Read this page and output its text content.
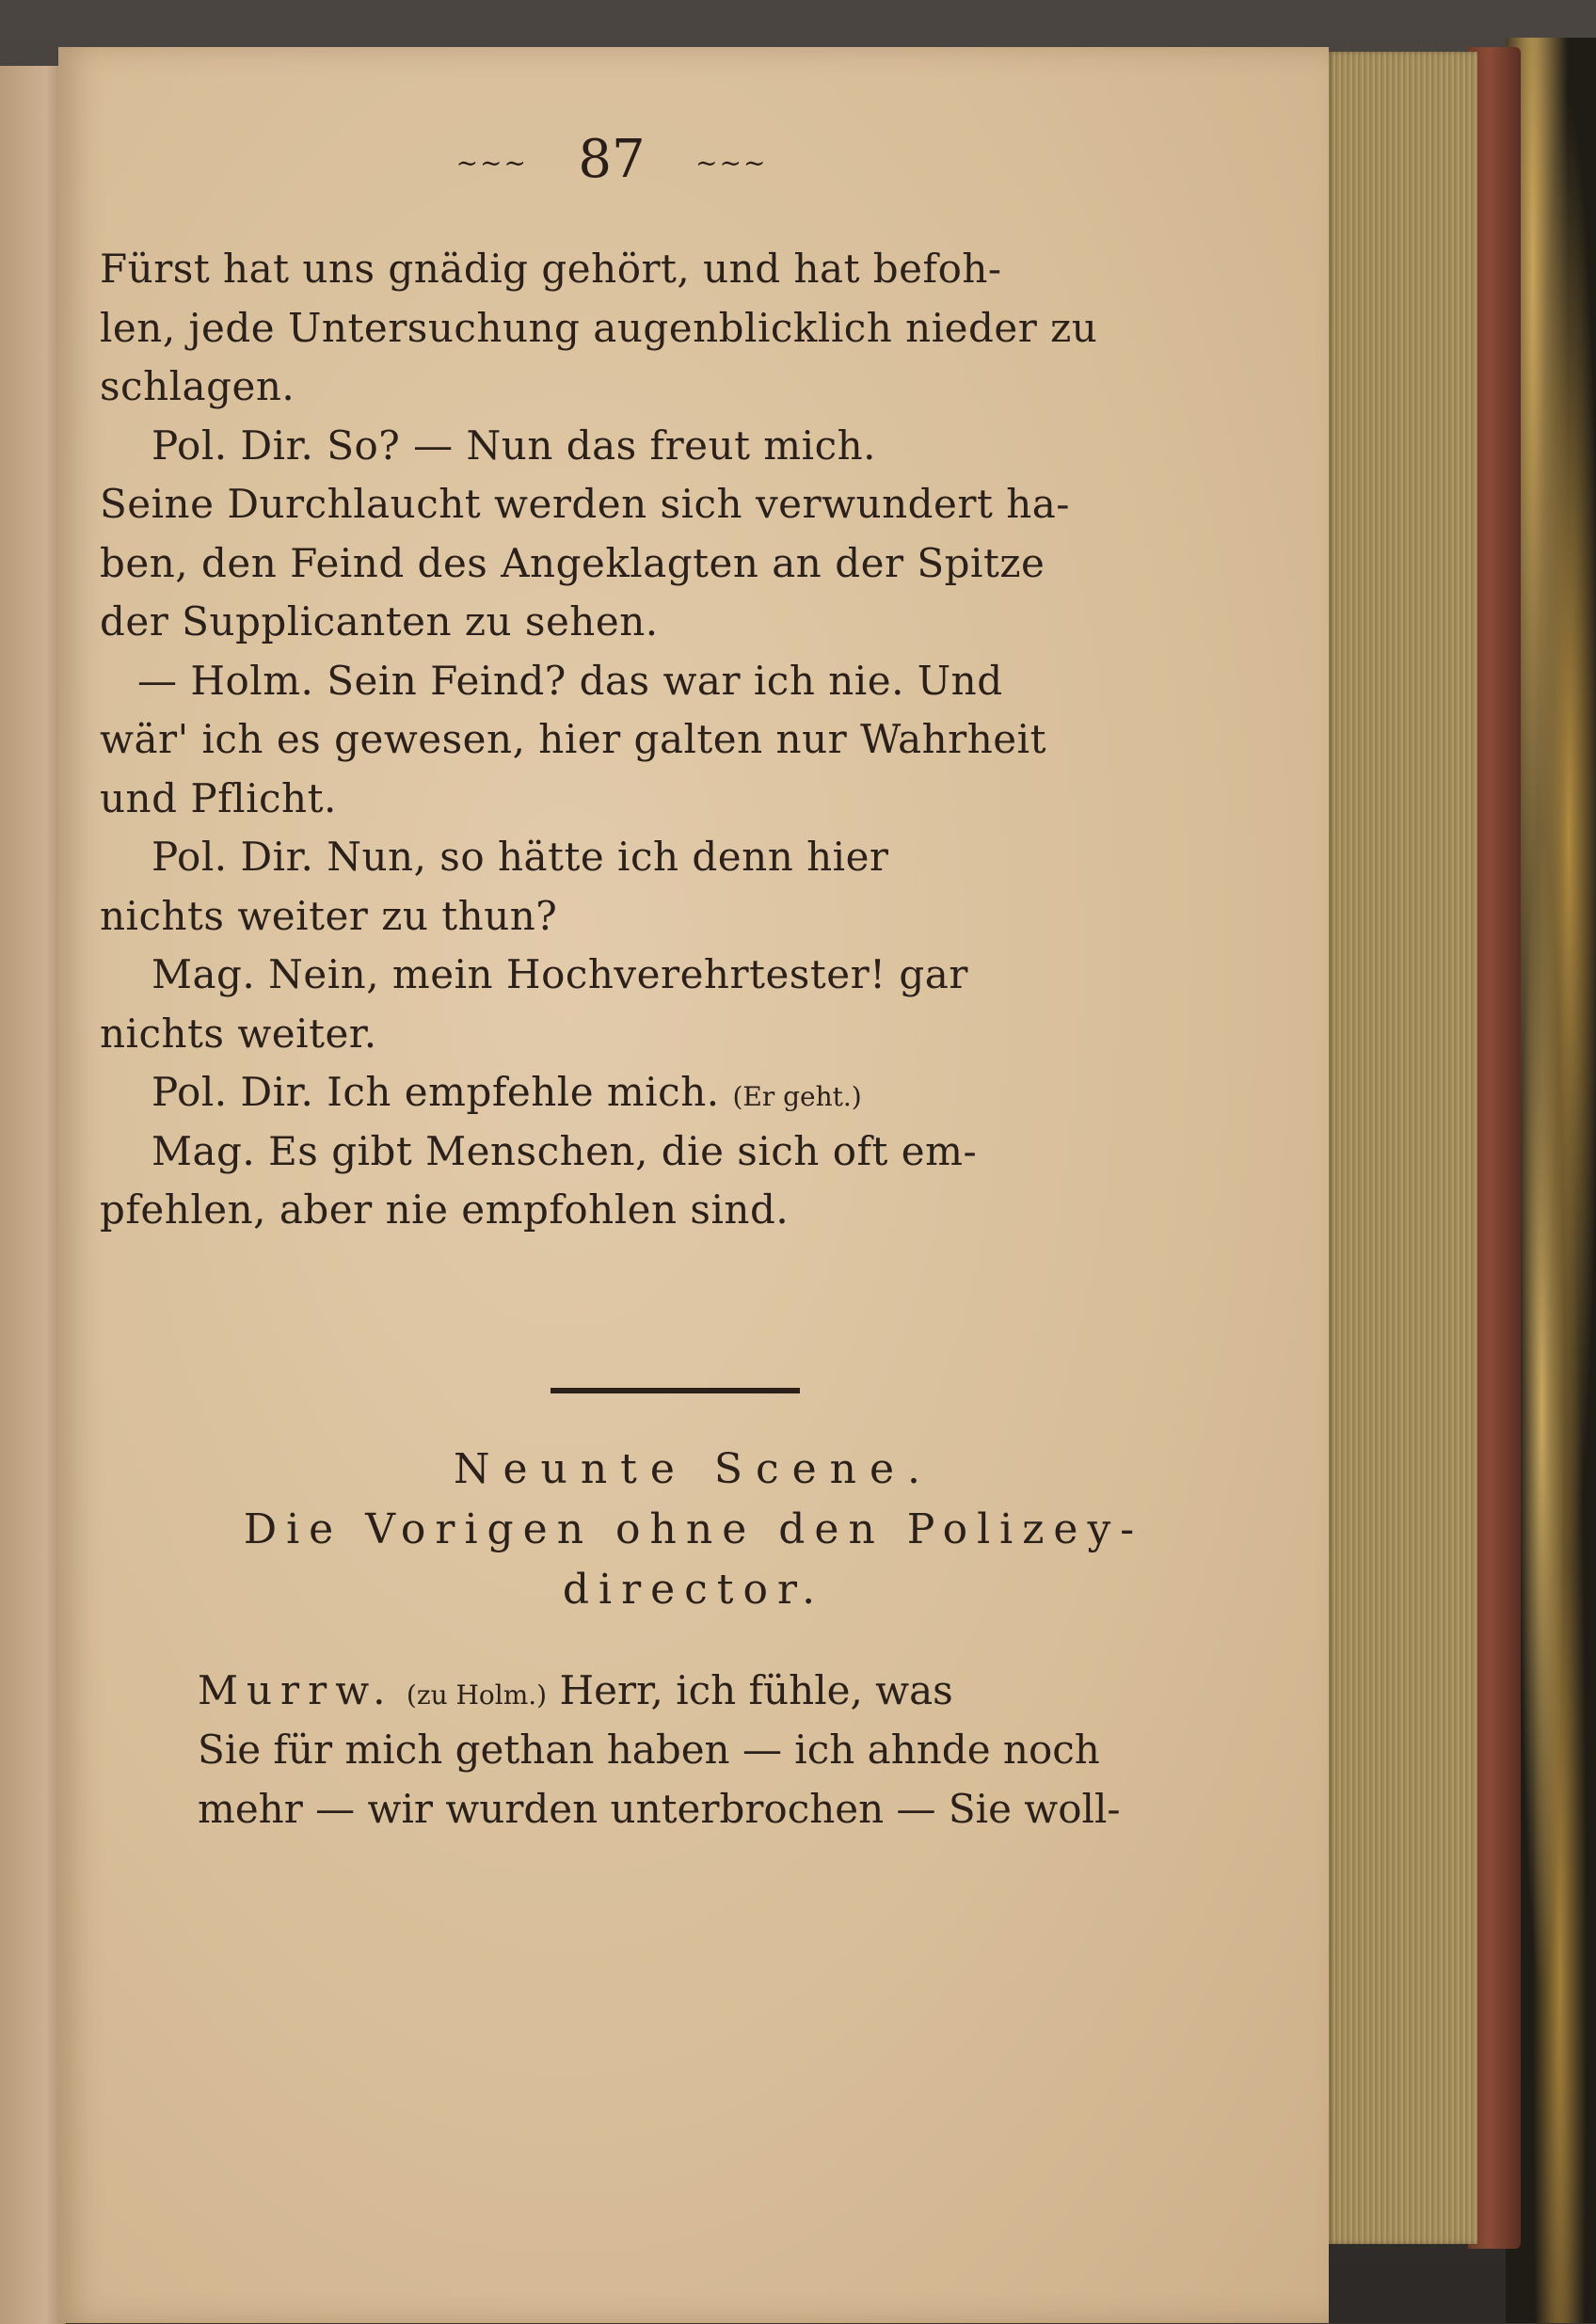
~~~ 87 ~~~
Fürst hat uns gnädig gehört, und hat befoh-
len, jede Untersuchung augenblicklich nieder zu
schlagen.
Pol. Dir. So? — Nun das freut mich.
Seine Durchlaucht werden sich verwundert ha-
ben, den Feind des Angeklagten an der Spitze
der Supplicanten zu sehen.
— Holm. Sein Feind? das war ich nie. Und
wär' ich es gewesen, hier galten nur Wahrheit
und Pflicht.
Pol. Dir. Nun, so hätte ich denn hier
nichts weiter zu thun?
Mag. Nein, mein Hochverehrtester! gar
nichts weiter.
Pol. Dir. Ich empfehle mich. (Er geht.)
Mag. Es gibt Menschen, die sich oft em-
pfehlen, aber nie empfohlen sind.
Neunte Scene.
Die Vorigen ohne den Polizey-
director.
Murrw. (zu Holm.) Herr, ich fühle, was
Sie für mich gethan haben — ich ahnde noch
mehr — wir wurden unterbrochen — Sie woll-
